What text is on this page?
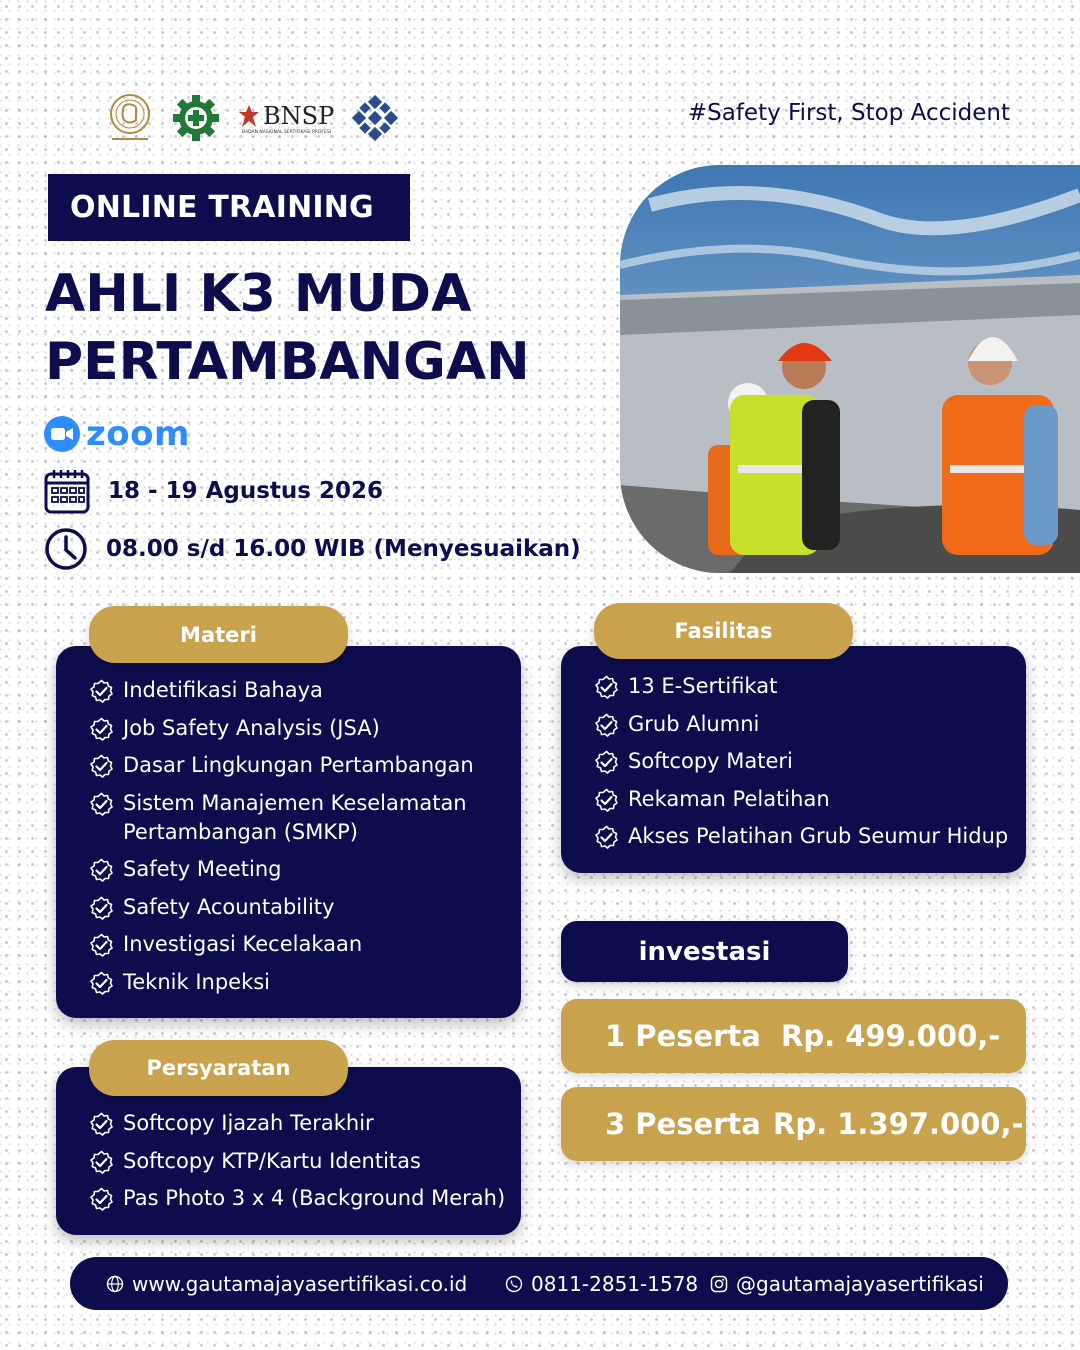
BNSP
BADAN NASIONAL SERTIFIKASI PROFESI
#Safety First, Stop Accident
ONLINE TRAINING
AHLI K3 MUDA
PERTAMBANGAN
zoom
18 - 19 Agustus 2026
08.00 s/d 16.00 WIB (Menyesuaikan)
Materi
Indetifikasi Bahaya
Job Safety Analysis (JSA)
Dasar Lingkungan Pertambangan
Sistem Manajemen Keselamatan Pertambangan (SMKP)
Safety Meeting
Safety Acountability
Investigasi Kecelakaan
Teknik Inpeksi
Fasilitas
13 E-Sertifikat
Grub Alumni
Softcopy Materi
Rekaman Pelatihan
Akses Pelatihan Grub Seumur Hidup
Persyaratan
Softcopy Ijazah Terakhir
Softcopy KTP/Kartu Identitas
Pas Photo 3 x 4 (Background Merah)
investasi
1 Peserta Rp. 499.000,-
3 Peserta Rp. 1.397.000,-
www.gautamajayasertifikasi.co.id	0811-2851-1578 @gautamajayasertifikasi
